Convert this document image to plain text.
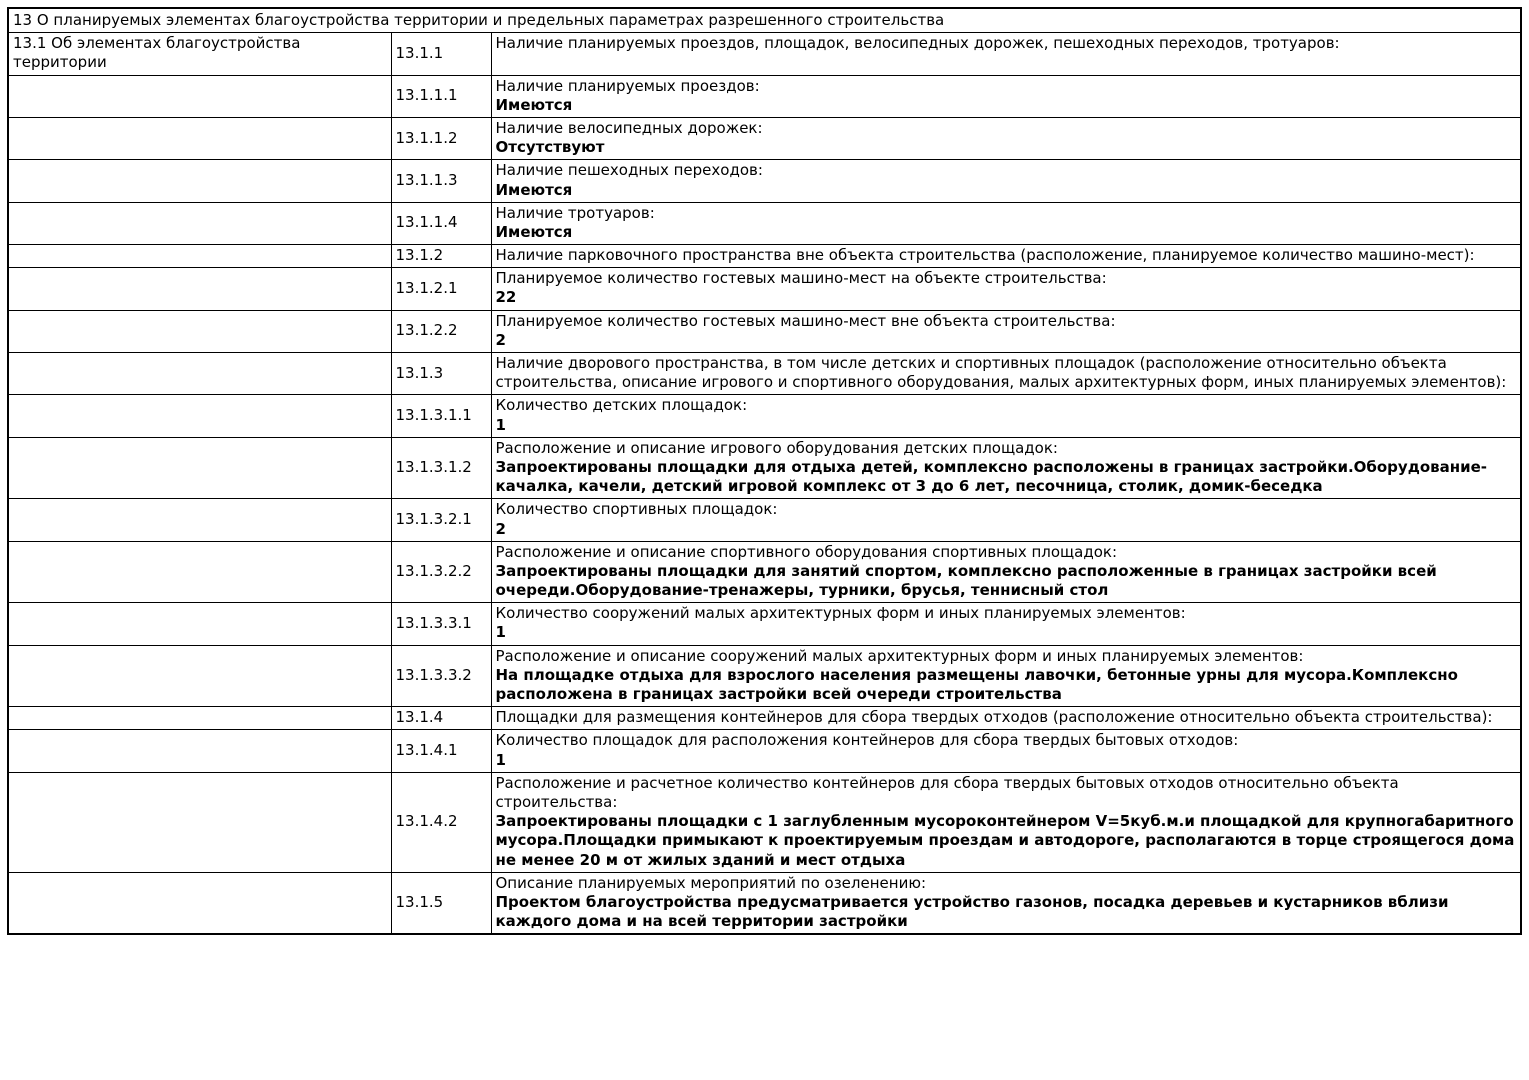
13 О планируемых элементах благоустройства территории и предельных параметрах разрешенного строительства		
13.1 Об элементах благоустройства территории	13.1.1	Наличие планируемых проездов, площадок, велосипедных дорожек, пешеходных переходов, тротуаров:

	13.1.1.1	Наличие планируемых проездов:
Имеются

	13.1.1.2	Наличие велосипедных дорожек:
Отсутствуют

	13.1.1.3	Наличие пешеходных переходов:
Имеются

	13.1.1.4	Наличие тротуаров:
Имеются

	13.1.2	Наличие парковочного пространства вне объекта строительства (расположение, планируемое количество машино-мест):

	13.1.2.1	Планируемое количество гостевых машино-мест на объекте строительства:
22

	13.1.2.2	Планируемое количество гостевых машино-мест вне объекта строительства:
2

	13.1.3	Наличие дворового пространства, в том числе детских и спортивных площадок (расположение относительно объекта строительства, описание игрового и спортивного оборудования, малых архитектурных форм, иных планируемых элементов):

	13.1.3.1.1	Количество детских площадок:
1

	13.1.3.1.2	Расположение и описание игрового оборудования детских площадок:
Запроектированы площадки для отдыха детей, комплексно расположены в границах застройки.Оборудование-качалка, качели, детский игровой комплекс от 3 до 6 лет, песочница, столик, домик-беседка

	13.1.3.2.1	Количество спортивных площадок:
2

	13.1.3.2.2	Расположение и описание спортивного оборудования спортивных площадок:
Запроектированы площадки для занятий спортом, комплексно расположенные в границах застройки всей очереди.Оборудование-тренажеры, турники, брусья, теннисный стол

	13.1.3.3.1	Количество сооружений малых архитектурных форм и иных планируемых элементов:
1

	13.1.3.3.2	Расположение и описание сооружений малых архитектурных форм и иных планируемых элементов:
На площадке отдыха для взрослого населения размещены лавочки, бетонные урны для мусора.Комплексно расположена в границах застройки всей очереди строительства

	13.1.4	Площадки для размещения контейнеров для сбора твердых отходов (расположение относительно объекта строительства):

	13.1.4.1	Количество площадок для расположения контейнеров для сбора твердых бытовых отходов:
1

	13.1.4.2	Расположение и расчетное количество контейнеров для сбора твердых бытовых отходов относительно объекта строительства:
Запроектированы площадки с 1 заглубленным мусороконтейнером V=5куб.м.и площадкой для крупногабаритного мусора.Площадки примыкают к проектируемым проездам и автодороге, располагаются в торце строящегося дома не менее 20 м от жилых зданий и мест отдыха

	13.1.5	Описание планируемых мероприятий по озеленению:
Проектом благоустройства предусматривается устройство газонов, посадка деревьев и кустарников вблизи каждого дома и на всей территории застройки
